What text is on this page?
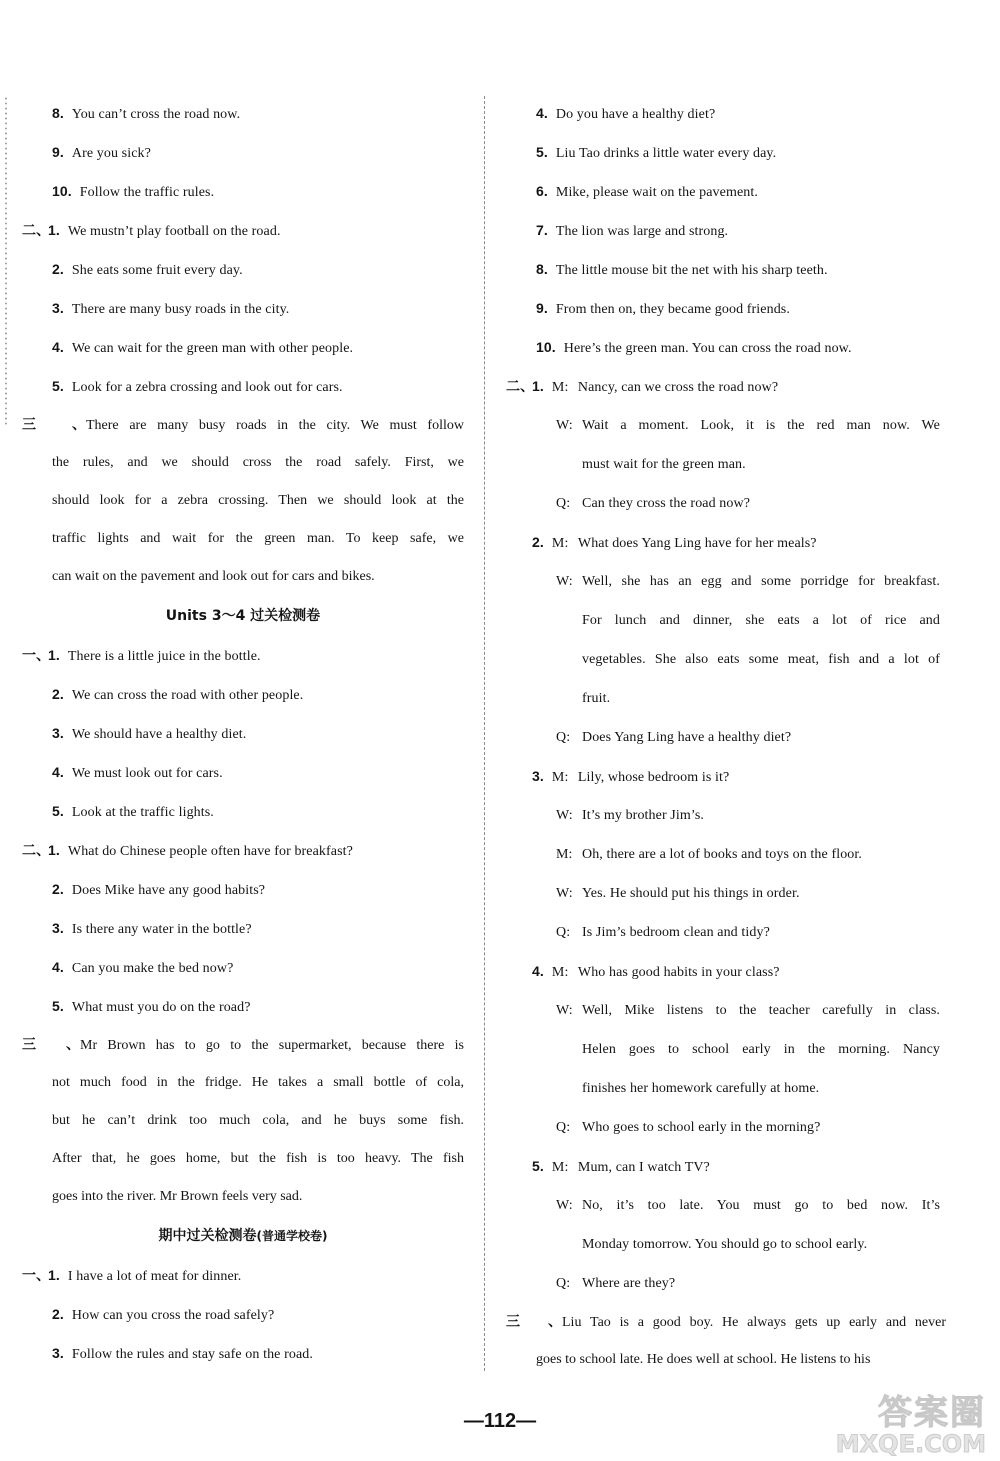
8. You can’t cross the road now.
9. Are you sick?
10. Follow the traffic rules.
二、
1. We mustn’t play football on the road.
2. She eats some fruit every day.
3. There are many busy roads in the city.
4. We can wait for the green man with other people.
5. Look for a zebra crossing and look out for cars.
三、 There are many busy roads in the city. We must follow
the rules, and we should cross the road safely. First, we
should look for a zebra crossing. Then we should look at the
traffic lights and wait for the green man. To keep safe, we
can wait on the pavement and look out for cars and bikes.
Units 3～4 过关检测卷
一、
1. There is a little juice in the bottle.
2. We can cross the road with other people.
3. We should have a healthy diet.
4. We must look out for cars.
5. Look at the traffic lights.
二、
1. What do Chinese people often have for breakfast?
2. Does Mike have any good habits?
3. Is there any water in the bottle?
4. Can you make the bed now?
5. What must you do on the road?
三、 Mr Brown has to go to the supermarket, because there is
not much food in the fridge. He takes a small bottle of cola,
but he can’t drink too much cola, and he buys some fish.
After that, he goes home, but the fish is too heavy. The fish
goes into the river. Mr Brown feels very sad.
期中过关检测卷(普通学校卷)
一、
1. I have a lot of meat for dinner.
2. How can you cross the road safely?
3. Follow the rules and stay safe on the road.
4. Do you have a healthy diet?
5. Liu Tao drinks a little water every day.
6. Mike, please wait on the pavement.
7. The lion was large and strong.
8. The little mouse bit the net with his sharp teeth.
9. From then on, they became good friends.
10. Here’s the green man. You can cross the road now.
二、
1. M: Nancy, can we cross the road now?
W: Wait a moment. Look, it is the red man now. We
must wait for the green man.
Q: Can they cross the road now?
2. M: What does Yang Ling have for her meals?
W: Well, she has an egg and some porridge for breakfast.
For lunch and dinner, she eats a lot of rice and
vegetables. She also eats some meat, fish and a lot of
fruit.
Q: Does Yang Ling have a healthy diet?
3. M: Lily, whose bedroom is it?
W: It’s my brother Jim’s.
M: Oh, there are a lot of books and toys on the floor.
W: Yes. He should put his things in order.
Q: Is Jim’s bedroom clean and tidy?
4. M: Who has good habits in your class?
W: Well, Mike listens to the teacher carefully in class.
Helen goes to school early in the morning. Nancy
finishes her homework carefully at home.
Q: Who goes to school early in the morning?
5. M: Mum, can I watch TV?
W: No, it’s too late. You must go to bed now. It’s
Monday tomorrow. You should go to school early.
Q: Where are they?
三、 Liu Tao is a good boy. He always gets up early and never
goes to school late. He does well at school. He listens to his
—112—	答案圈
MXQE.COM
